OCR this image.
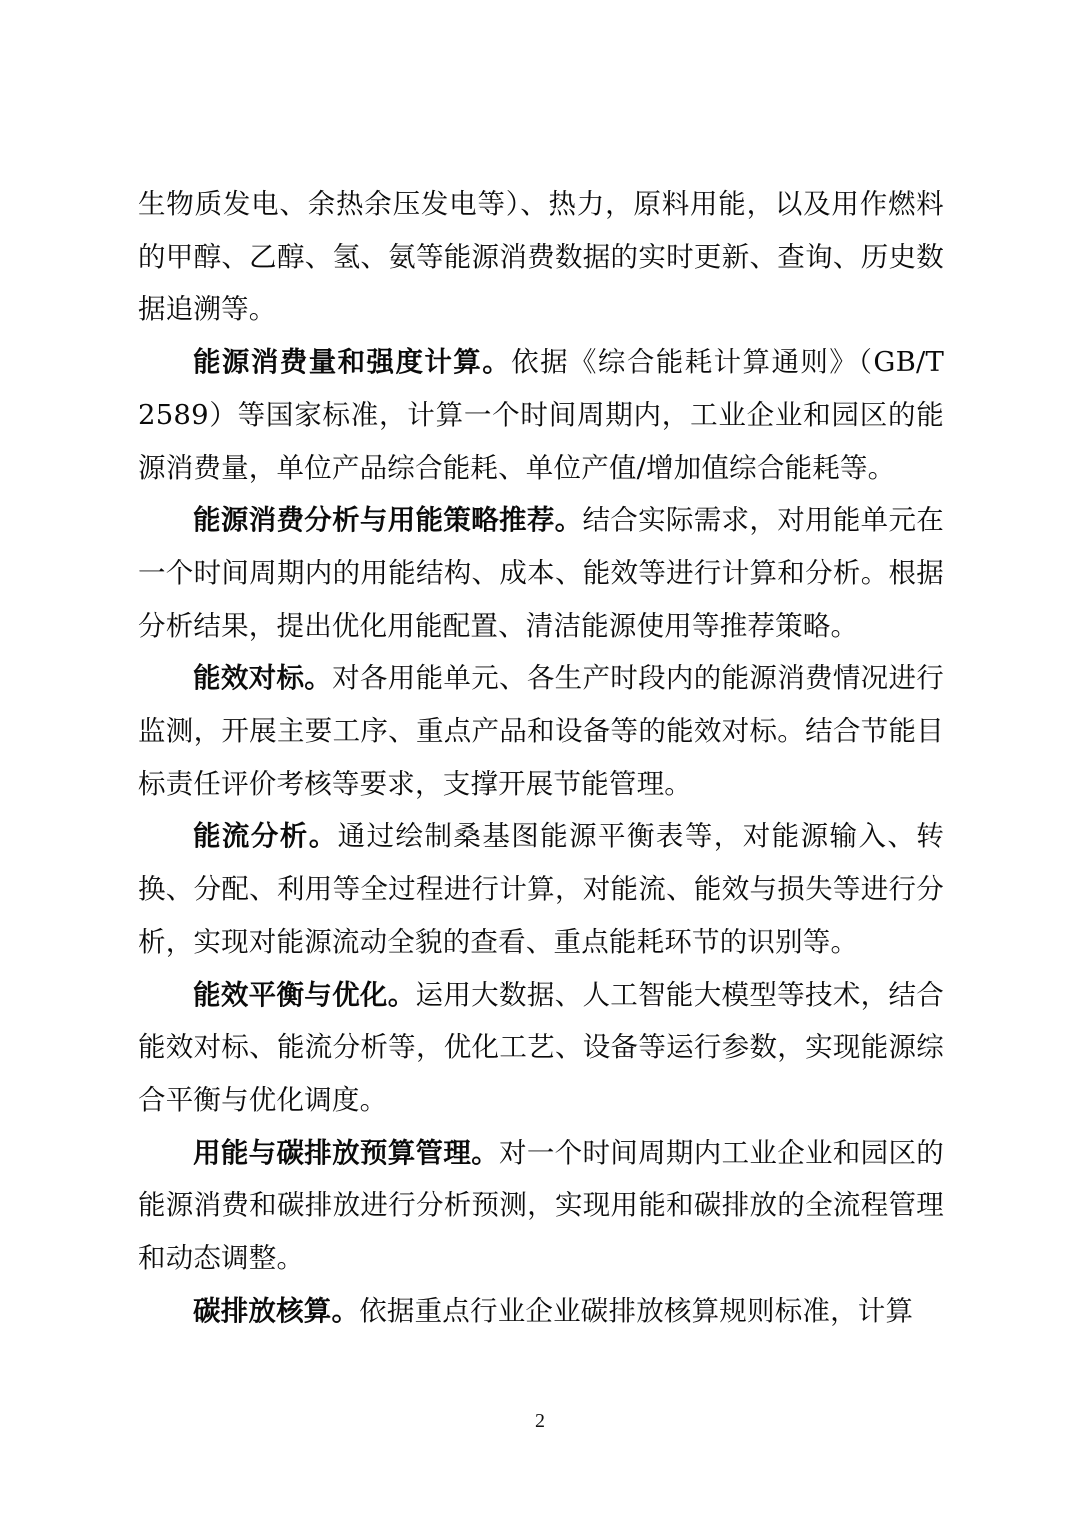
生物质发电、余热余压发电等）、热力，原料用能，以及用作燃料的甲醇、乙醇、氢、氨等能源消费数据的实时更新、查询、历史数据追溯等。

能源消费量和强度计算。依据《综合能耗计算通则》（GB/T 2589）等国家标准，计算一个时间周期内，工业企业和园区的能源消费量，单位产品综合能耗、单位产值/增加值综合能耗等。

能源消费分析与用能策略推荐。结合实际需求，对用能单元在一个时间周期内的用能结构、成本、能效等进行计算和分析。根据分析结果，提出优化用能配置、清洁能源使用等推荐策略。

能效对标。对各用能单元、各生产时段内的能源消费情况进行监测，开展主要工序、重点产品和设备等的能效对标。结合节能目标责任评价考核等要求，支撑开展节能管理。

能流分析。通过绘制桑基图能源平衡表等，对能源输入、转换、分配、利用等全过程进行计算，对能流、能效与损失等进行分析，实现对能源流动全貌的查看、重点能耗环节的识别等。

能效平衡与优化。运用大数据、人工智能大模型等技术，结合能效对标、能流分析等，优化工艺、设备等运行参数，实现能源综合平衡与优化调度。

用能与碳排放预算管理。对一个时间周期内工业企业和园区的能源消费和碳排放进行分析预测，实现用能和碳排放的全流程管理和动态调整。

碳排放核算。依据重点行业企业碳排放核算规则标准，计算

2
